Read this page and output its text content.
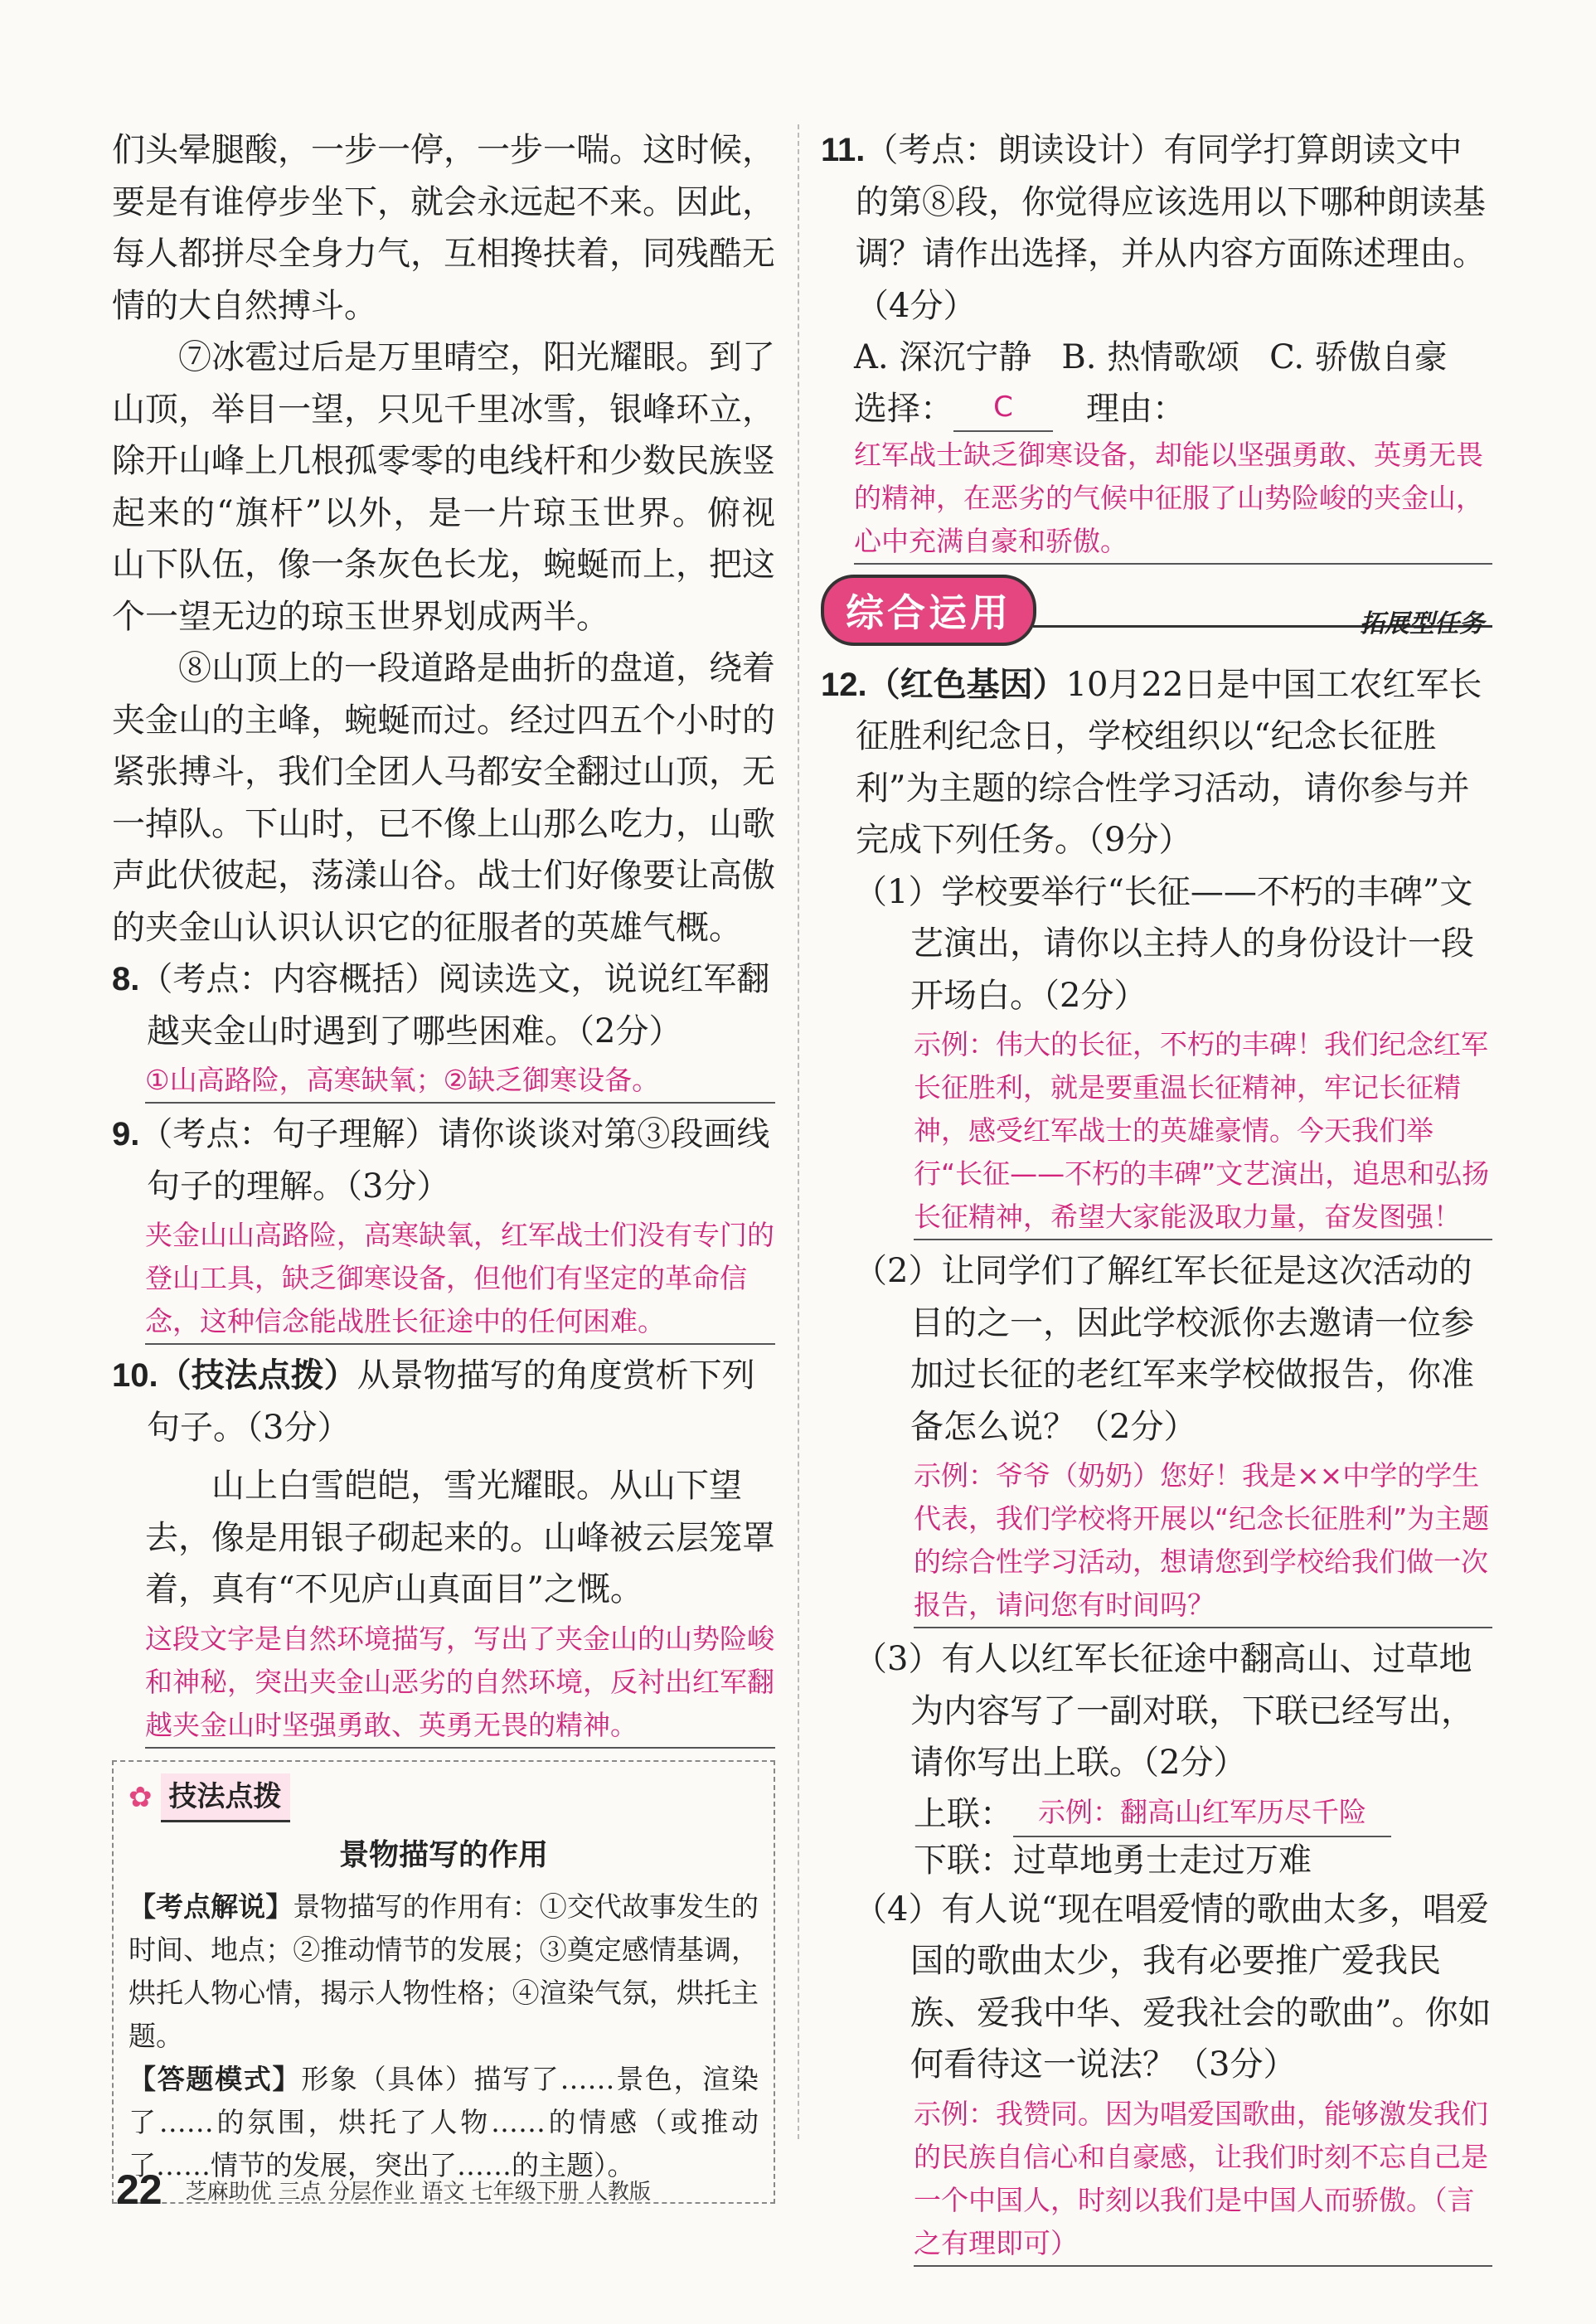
们头晕腿酸，一步一停，一步一喘。这时候，要是有谁停步坐下，就会永远起不来。因此，每人都拼尽全身力气，互相搀扶着，同残酷无情的大自然搏斗。

⑦冰雹过后是万里晴空，阳光耀眼。到了山顶，举目一望，只见千里冰雪，银峰环立，除开山峰上几根孤零零的电线杆和少数民族竖起来的“旗杆”以外，是一片琼玉世界。俯视山下队伍，像一条灰色长龙，蜿蜒而上，把这个一望无边的琼玉世界划成两半。

⑧山顶上的一段道路是曲折的盘道，绕着夹金山的主峰，蜿蜒而过。经过四五个小时的紧张搏斗，我们全团人马都安全翻过山顶，无一掉队。下山时，已不像上山那么吃力，山歌声此伏彼起，荡漾山谷。战士们好像要让高傲的夹金山认识认识它的征服者的英雄气概。

8.（考点：内容概括）阅读选文，说说红军翻越夹金山时遇到了哪些困难。（2分）
①山高路险，高寒缺氧；②缺乏御寒设备。
9.（考点：句子理解）请你谈谈对第③段画线句子的理解。（3分）
夹金山山高路险，高寒缺氧，红军战士们没有专门的登山工具，缺乏御寒设备，但他们有坚定的革命信念，这种信念能战胜长征途中的任何困难。
10.（技法点拨）从景物描写的角度赏析下列句子。（3分）
山上白雪皑皑，雪光耀眼。从山下望去，像是用银子砌起来的。山峰被云层笼罩着，真有“不见庐山真面目”之慨。
这段文字是自然环境描写，写出了夹金山的山势险峻和神秘，突出夹金山恶劣的自然环境，反衬出红军翻越夹金山时坚强勇敢、英勇无畏的精神。
✿ 技法点拨
景物描写的作用

【考点解说】景物描写的作用有：①交代故事发生的时间、地点；②推动情节的发展；③奠定感情基调，烘托人物心情，揭示人物性格；④渲染气氛，烘托主题。

【答题模式】形象（具体）描写了……景色，渲染了……的氛围，烘托了人物……的情感（或推动了……情节的发展，突出了……的主题）。

11.（考点：朗读设计）有同学打算朗读文中的第⑧段，你觉得应该选用以下哪种朗读基调？请作出选择，并从内容方面陈述理由。（4分）
A. 深沉宁静 B. 热情歌颂 C. 骄傲自豪
选择：	C	理由：
红军战士缺乏御寒设备，却能以坚强勇敢、英勇无畏的精神，在恶劣的气候中征服了山势险峻的夹金山，心中充满自豪和骄傲。
综合运用	拓展型任务
12.（红色基因）10月22日是中国工农红军长征胜利纪念日，学校组织以“纪念长征胜利”为主题的综合性学习活动，请你参与并完成下列任务。（9分）
（1）学校要举行“长征——不朽的丰碑”文艺演出，请你以主持人的身份设计一段开场白。（2分）
示例：伟大的长征，不朽的丰碑！我们纪念红军长征胜利，就是要重温长征精神，牢记长征精神，感受红军战士的英雄豪情。今天我们举行“长征——不朽的丰碑”文艺演出，追思和弘扬长征精神，希望大家能汲取力量，奋发图强！
（2）让同学们了解红军长征是这次活动的目的之一，因此学校派你去邀请一位参加过长征的老红军来学校做报告，你准备怎么说？（2分）
示例：爷爷（奶奶）您好！我是××中学的学生代表，我们学校将开展以“纪念长征胜利”为主题的综合性学习活动，想请您到学校给我们做一次报告，请问您有时间吗？
（3）有人以红军长征途中翻高山、过草地为内容写了一副对联，下联已经写出，请你写出上联。（2分）
上联： 示例：翻高山红军历尽千险
下联： 过草地勇士走过万难
（4）有人说“现在唱爱情的歌曲太多，唱爱国的歌曲太少，我有必要推广爱我民族、爱我中华、爱我社会的歌曲”。你如何看待这一说法？（3分）
示例：我赞同。因为唱爱国歌曲，能够激发我们的民族自信心和自豪感，让我们时刻不忘自己是一个中国人，时刻以我们是中国人而骄傲。（言之有理即可）
22 芝麻助优 三点 分层作业 语文 七年级下册 人教版
